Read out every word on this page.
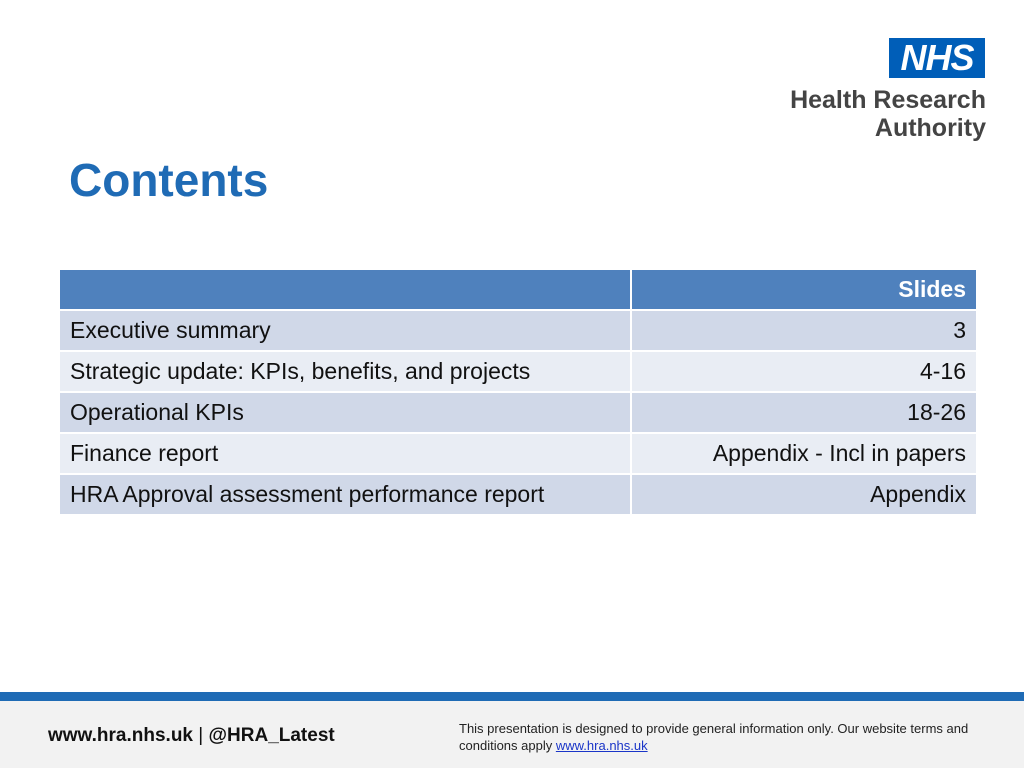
NHS
Health Research
Authority
Contents
	Slides
Executive summary	3
Strategic update: KPIs, benefits, and projects	4-16
Operational KPIs	18-26
Finance report	Appendix - Incl in papers
HRA Approval assessment performance report	Appendix
www.hra.nhs.uk | @HRA_Latest	This presentation is designed to provide general information only. Our website terms and conditions apply www.hra.nhs.uk
